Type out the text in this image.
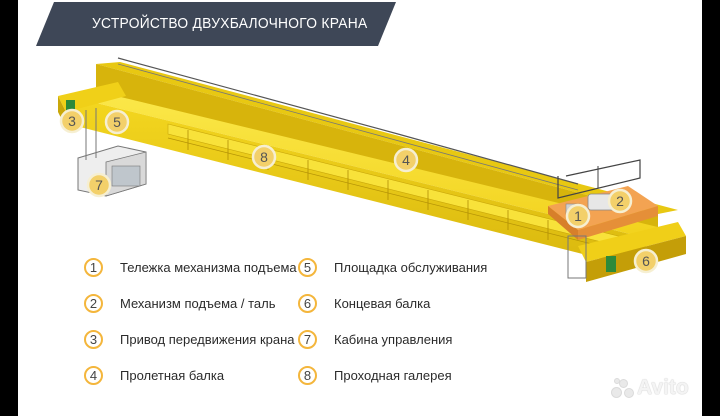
1
2
3
4
5
6
7
8
УСТРОЙСТВО ДВУХБАЛОЧНОГО КРАНА
1	Тележка механизма подъема
2	Механизм подъема / таль
3	Привод передвижения крана
4	Пролетная балка
5	Площадка обслуживания
6	Концевая балка
7	Кабина управления
8	Проходная галерея
Avito
